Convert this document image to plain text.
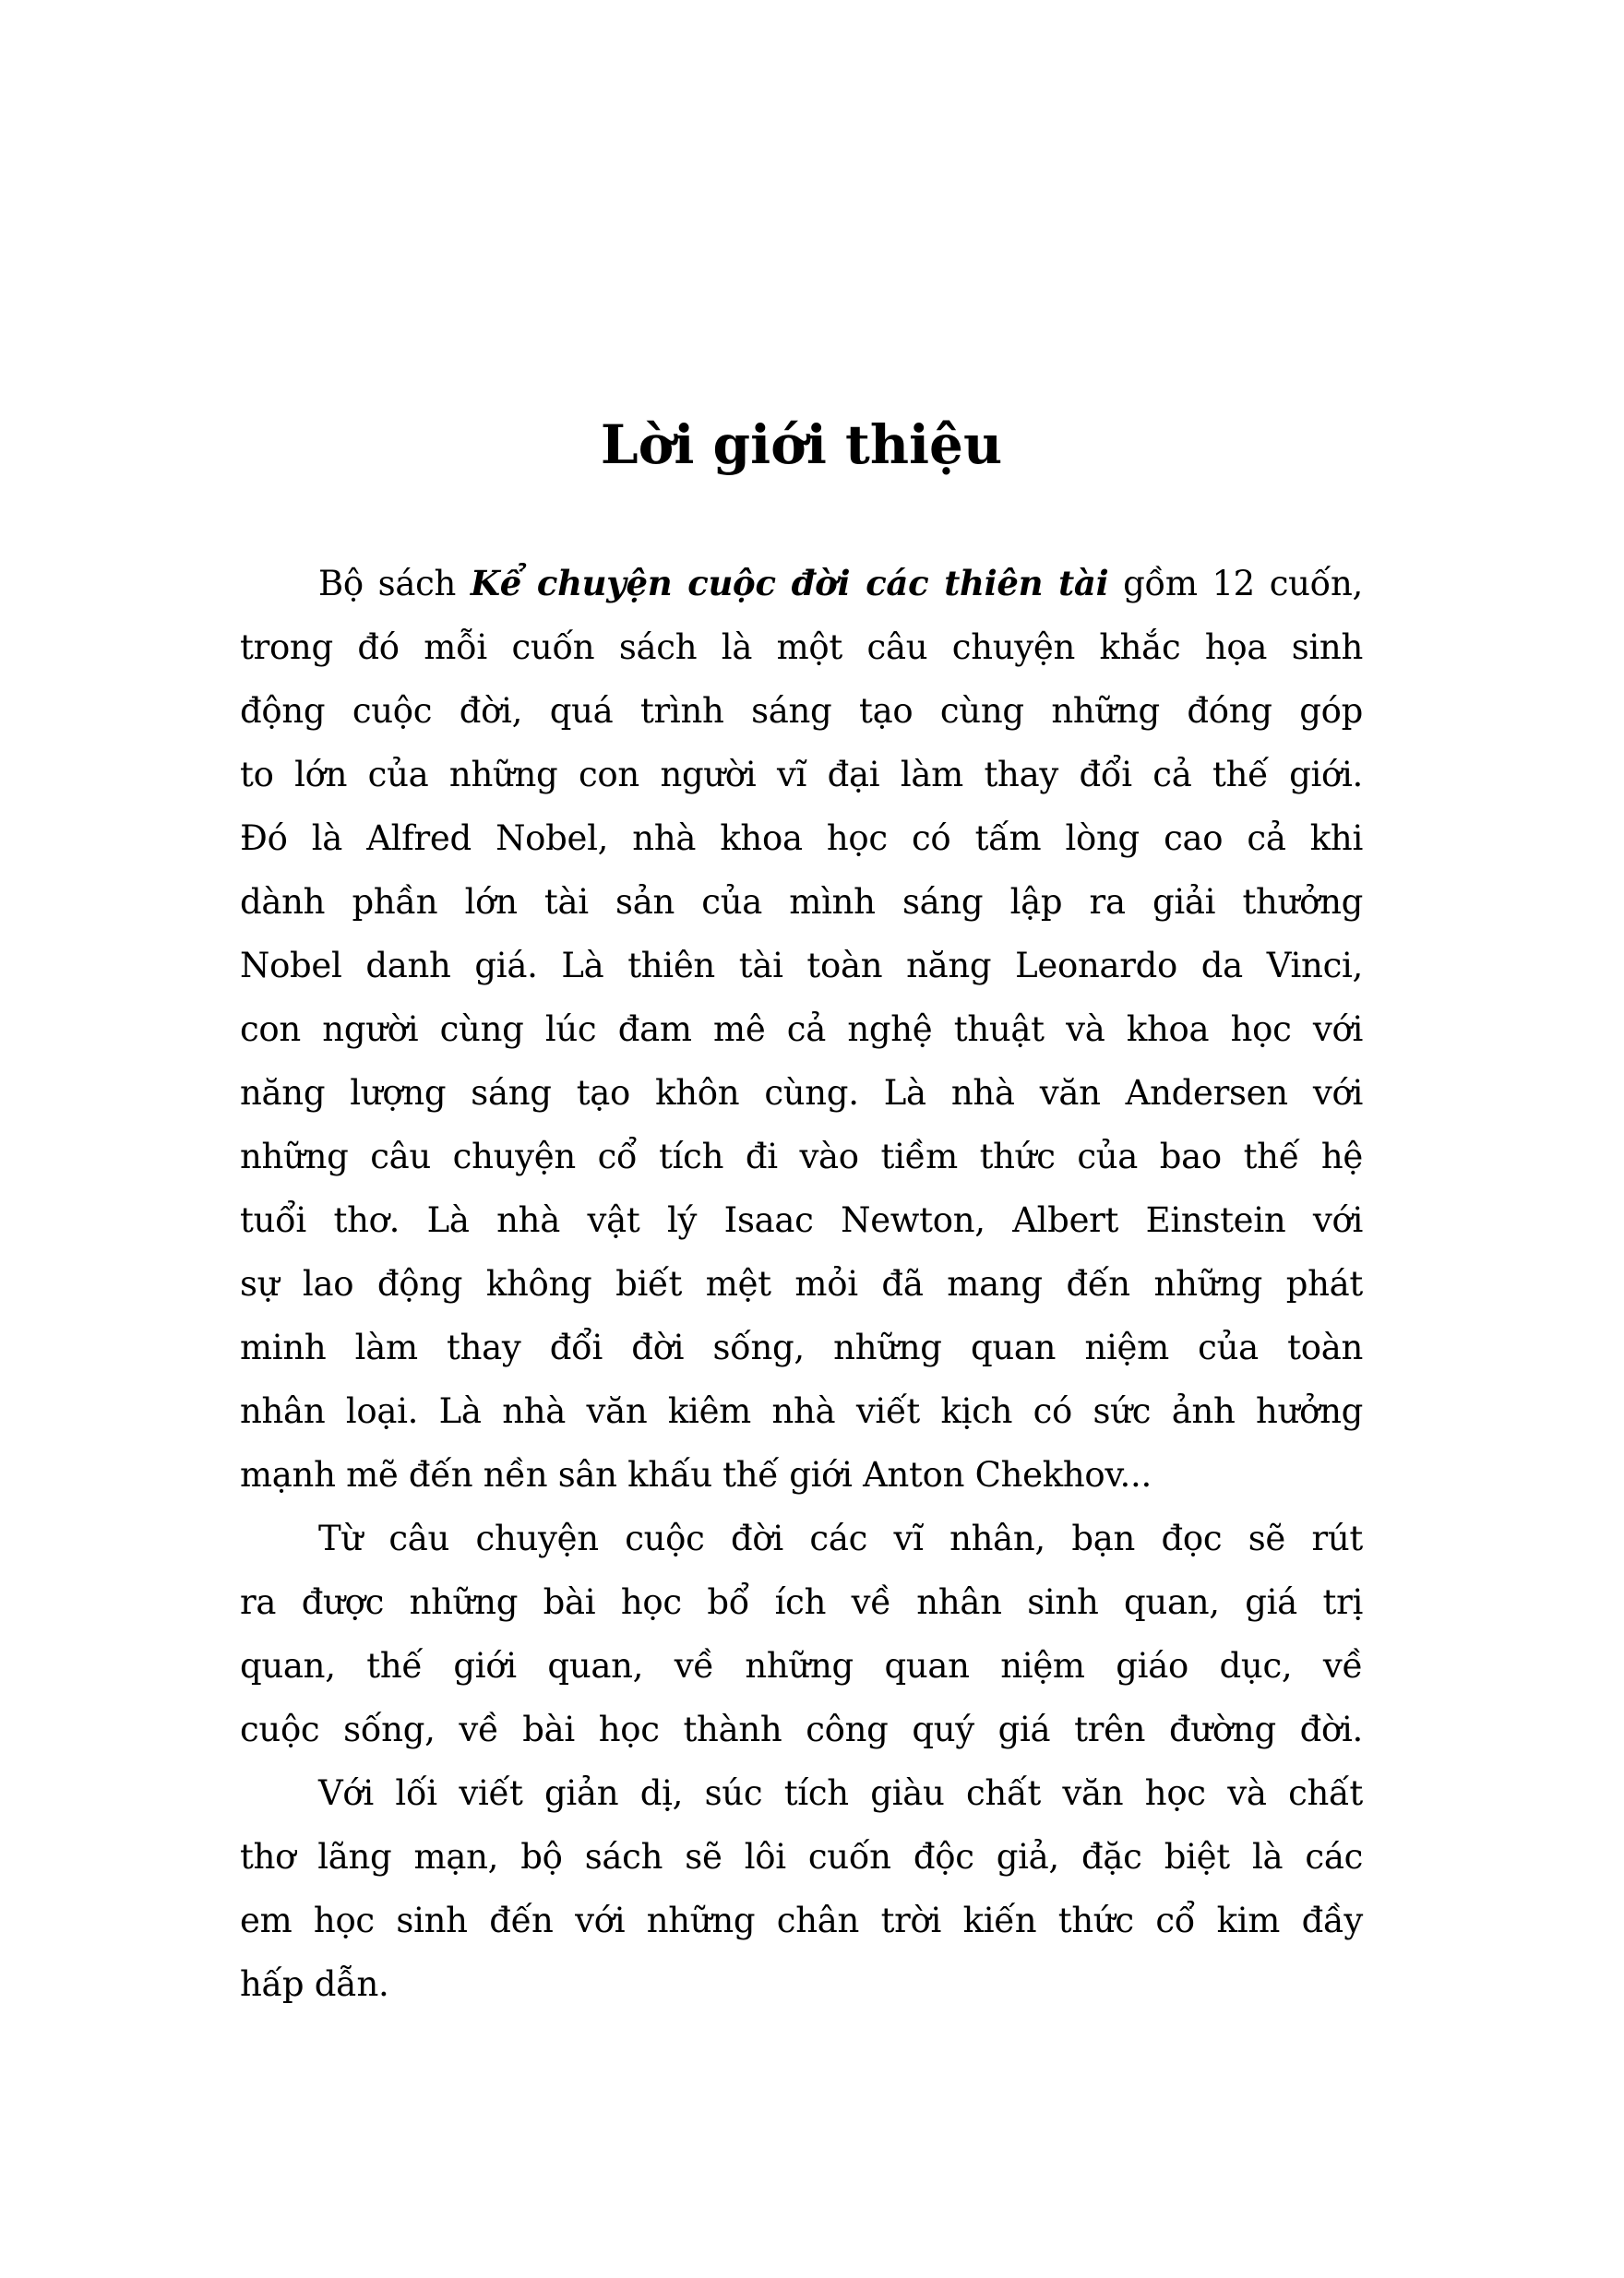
Lời giới thiệu
Bộ sách Kể chuyện cuộc đời các thiên tài gồm 12 cuốn,
trong đó mỗi cuốn sách là một câu chuyện khắc họa sinh
động cuộc đời, quá trình sáng tạo cùng những đóng góp
to lớn của những con người vĩ đại làm thay đổi cả thế giới.
Đó là Alfred Nobel, nhà khoa học có tấm lòng cao cả khi
dành phần lớn tài sản của mình sáng lập ra giải thưởng
Nobel danh giá. Là thiên tài toàn năng Leonardo da Vinci,
con người cùng lúc đam mê cả nghệ thuật và khoa học với
năng lượng sáng tạo khôn cùng. Là nhà văn Andersen với
những câu chuyện cổ tích đi vào tiềm thức của bao thế hệ
tuổi thơ. Là nhà vật lý Isaac Newton, Albert Einstein với
sự lao động không biết mệt mỏi đã mang đến những phát
minh làm thay đổi đời sống, những quan niệm của toàn
nhân loại. Là nhà văn kiêm nhà viết kịch có sức ảnh hưởng
mạnh mẽ đến nền sân khấu thế giới Anton Chekhov...
Từ câu chuyện cuộc đời các vĩ nhân, bạn đọc sẽ rút
ra được những bài học bổ ích về nhân sinh quan, giá trị
quan, thế giới quan, về những quan niệm giáo dục, về
cuộc sống, về bài học thành công quý giá trên đường đời.
Với lối viết giản dị, súc tích giàu chất văn học và chất
thơ lãng mạn, bộ sách sẽ lôi cuốn độc giả, đặc biệt là các
em học sinh đến với những chân trời kiến thức cổ kim đầy
hấp dẫn.
